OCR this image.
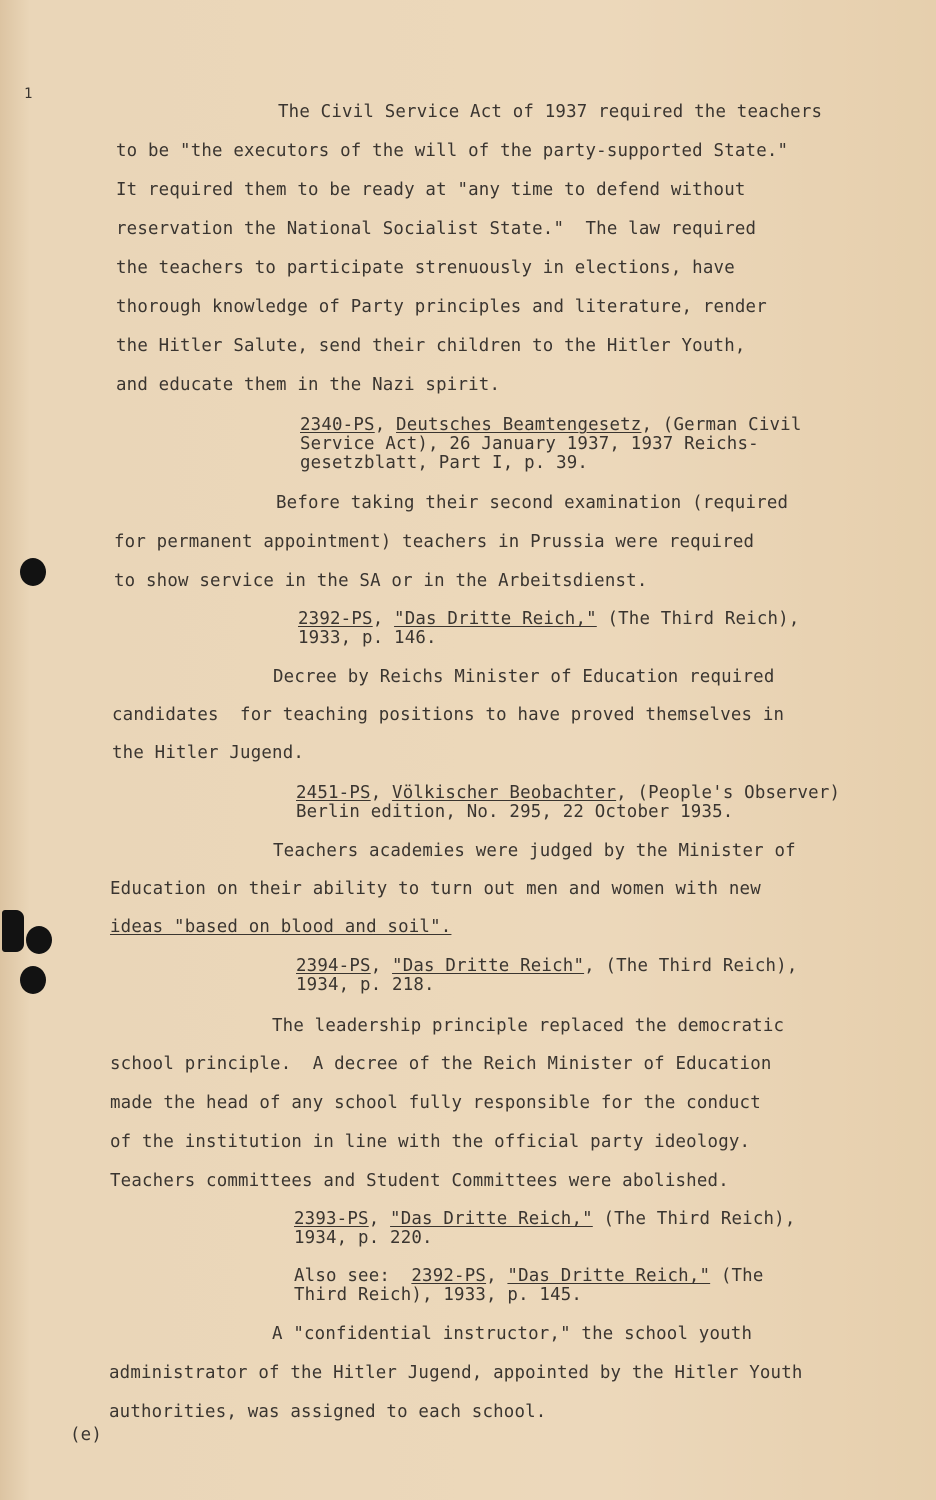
1

The Civil Service Act of 1937 required the teachers

to be "the executors of the will of the party-supported State."

It required them to be ready at "any time to defend without

reservation the National Socialist State."  The law required

the teachers to participate strenuously in elections, have

thorough knowledge of Party principles and literature, render

the Hitler Salute, send their children to the Hitler Youth,

and educate them in the Nazi spirit.

2340-PS, Deutsches Beamtengesetz, (German Civil

Service Act), 26 January 1937, 1937 Reichs-

gesetzblatt, Part I, p. 39.

Before taking their second examination (required

for permanent appointment) teachers in Prussia were required

to show service in the SA or in the Arbeitsdienst.

2392-PS, "Das Dritte Reich," (The Third Reich),

1933, p. 146.

Decree by Reichs Minister of Education required

candidates  for teaching positions to have proved themselves in

the Hitler Jugend.

2451-PS, Völkischer Beobachter, (People's Observer)

Berlin edition, No. 295, 22 October 1935.

Teachers academies were judged by the Minister of

Education on their ability to turn out men and women with new

ideas "based on blood and soil".

2394-PS, "Das Dritte Reich", (The Third Reich),

1934, p. 218.

The leadership principle replaced the democratic

school principle.  A decree of the Reich Minister of Education

made the head of any school fully responsible for the conduct

of the institution in line with the official party ideology.

Teachers committees and Student Committees were abolished.

2393-PS, "Das Dritte Reich," (The Third Reich),

1934, p. 220.

Also see:  2392-PS, "Das Dritte Reich," (The

Third Reich), 1933, p. 145.

A "confidential instructor," the school youth

administrator of the Hitler Jugend, appointed by the Hitler Youth

authorities, was assigned to each school.

(e)
